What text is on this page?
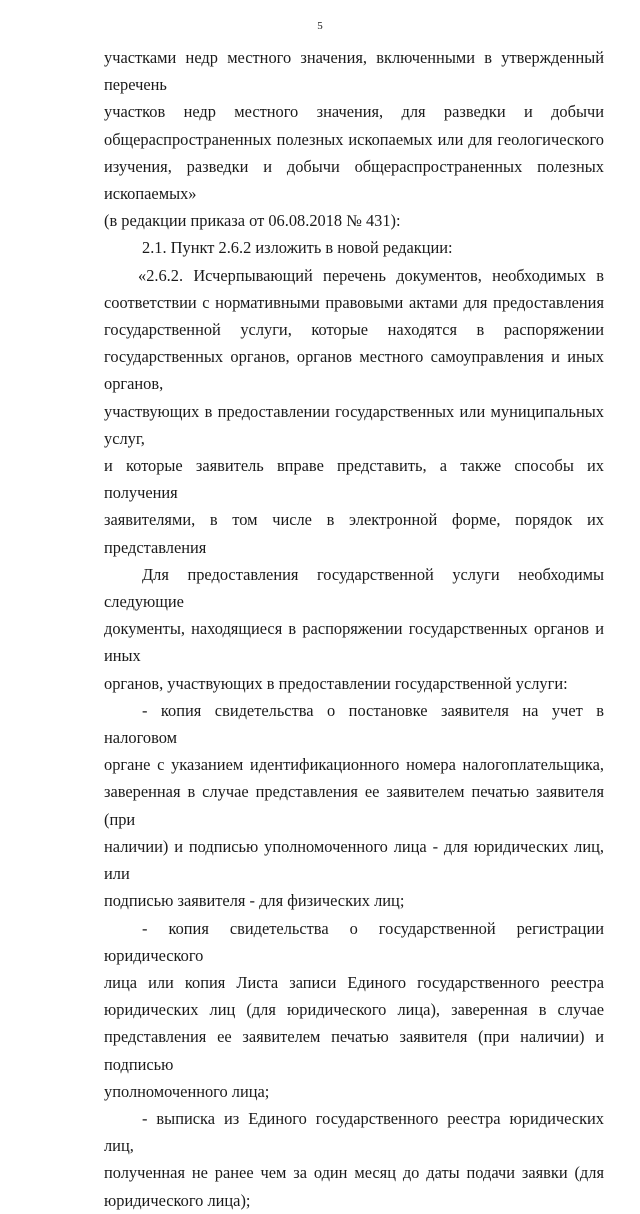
5

участками недр местного значения, включенными в утвержденный перечень

участков недр местного значения, для разведки и добычи

общераспространенных полезных ископаемых или для геологического

изучения, разведки и добычи общераспространенных полезных ископаемых»

(в редакции приказа от 06.08.2018 № 431):

2.1. Пункт 2.6.2 изложить в новой редакции:

«2.6.2. Исчерпывающий перечень документов, необходимых в

соответствии с нормативными правовыми актами для предоставления

государственной услуги, которые находятся в распоряжении

государственных органов, органов местного самоуправления и иных органов,

участвующих в предоставлении государственных или муниципальных услуг,

и которые заявитель вправе представить, а также способы их получения

заявителями, в том числе в электронной форме, порядок их представления

Для предоставления государственной услуги необходимы следующие

документы, находящиеся в распоряжении государственных органов и иных

органов, участвующих в предоставлении государственной услуги:

- копия свидетельства о постановке заявителя на учет в налоговом

органе с указанием идентификационного номера налогоплательщика,

заверенная в случае представления ее заявителем печатью заявителя (при

наличии) и подписью уполномоченного лица - для юридических лиц, или

подписью заявителя - для физических лиц;

- копия свидетельства о государственной регистрации юридического

лица или копия Листа записи Единого государственного реестра

юридических лиц (для юридического лица), заверенная в случае

представления ее заявителем печатью заявителя (при наличии) и подписью

уполномоченного лица;

- выписка из Единого государственного реестра юридических лиц,

полученная не ранее чем за один месяц до даты подачи заявки (для

юридического лица);
